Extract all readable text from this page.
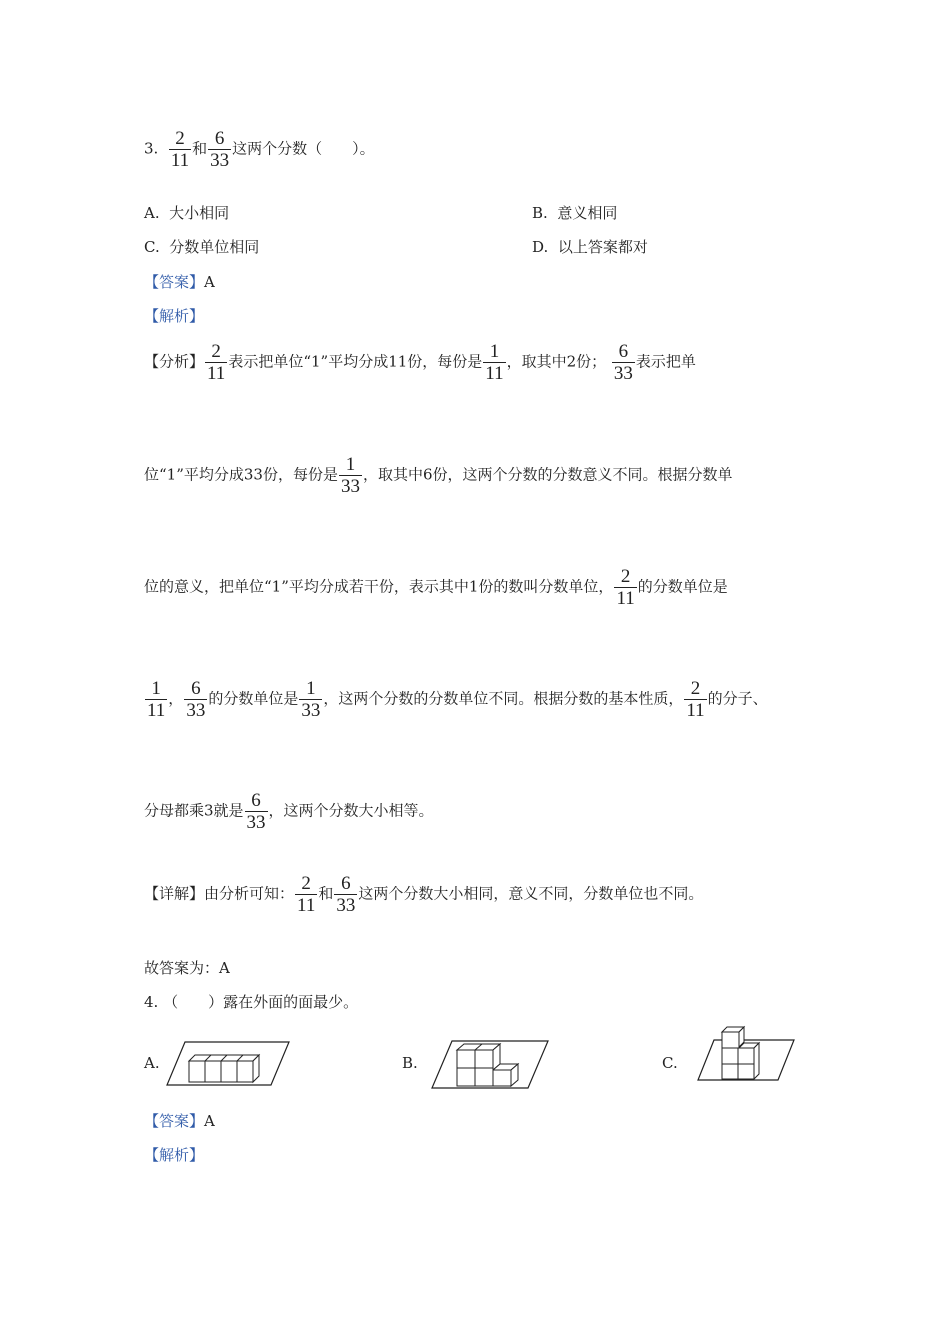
3. $\frac{2}{11}$ 和 $\frac{6}{33}$ 这两个分数（　　）。
A. 大小相同	B. 意义相同
C. 分数单位相同	D. 以上答案都对
【答案】A
【解析】
【分析】 $\frac{2}{11}$ 表示把单位“1”平均分成11份，每份是 $\frac{1}{11}$ ，取其中2份； $\frac{6}{33}$ 表示把单
位“1”平均分成33份，每份是 $\frac{1}{33}$ ，取其中6份，这两个分数的分数意义不同。根据分数单
位的意义，把单位“1”平均分成若干份，表示其中1份的数叫分数单位， $\frac{2}{11}$ 的分数单位是
$\frac{1}{11}$ ， $\frac{6}{33}$ 的分数单位是 $\frac{1}{33}$ ，这两个分数的分数单位不同。根据分数的基本性质， $\frac{2}{11}$ 的分子、
分母都乘3就是 $\frac{6}{33}$ ，这两个分数大小相等。
【详解】由分析可知： $\frac{2}{11}$ 和 $\frac{6}{33}$ 这两个分数大小相同，意义不同，分数单位也不同。
故答案为：A
4. （　　）露在外面的面最少。
A.	B.	C.
【答案】A
【解析】
